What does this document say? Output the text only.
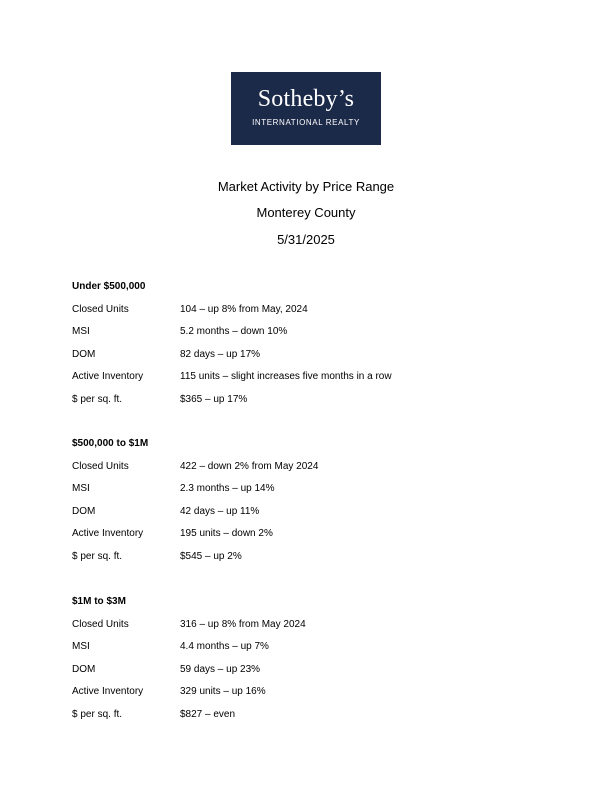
Sotheby’s
INTERNATIONAL REALTY
Market Activity by Price Range
Monterey County
5/31/2025
Under $500,000
Closed Units	104 – up 8% from May, 2024
MSI	5.2 months – down 10%
DOM	82 days – up 17%
Active Inventory	115 units – slight increases five months in a row
$ per sq. ft.	$365 – up 17%
$500,000 to $1M
Closed Units	422 – down 2% from May 2024
MSI	2.3 months – up 14%
DOM	42 days – up 11%
Active Inventory	195 units – down 2%
$ per sq. ft.	$545 – up 2%
$1M to $3M
Closed Units	316 – up 8% from May 2024
MSI	4.4 months – up 7%
DOM	59 days – up 23%
Active Inventory	329 units – up 16%
$ per sq. ft.	$827 – even
